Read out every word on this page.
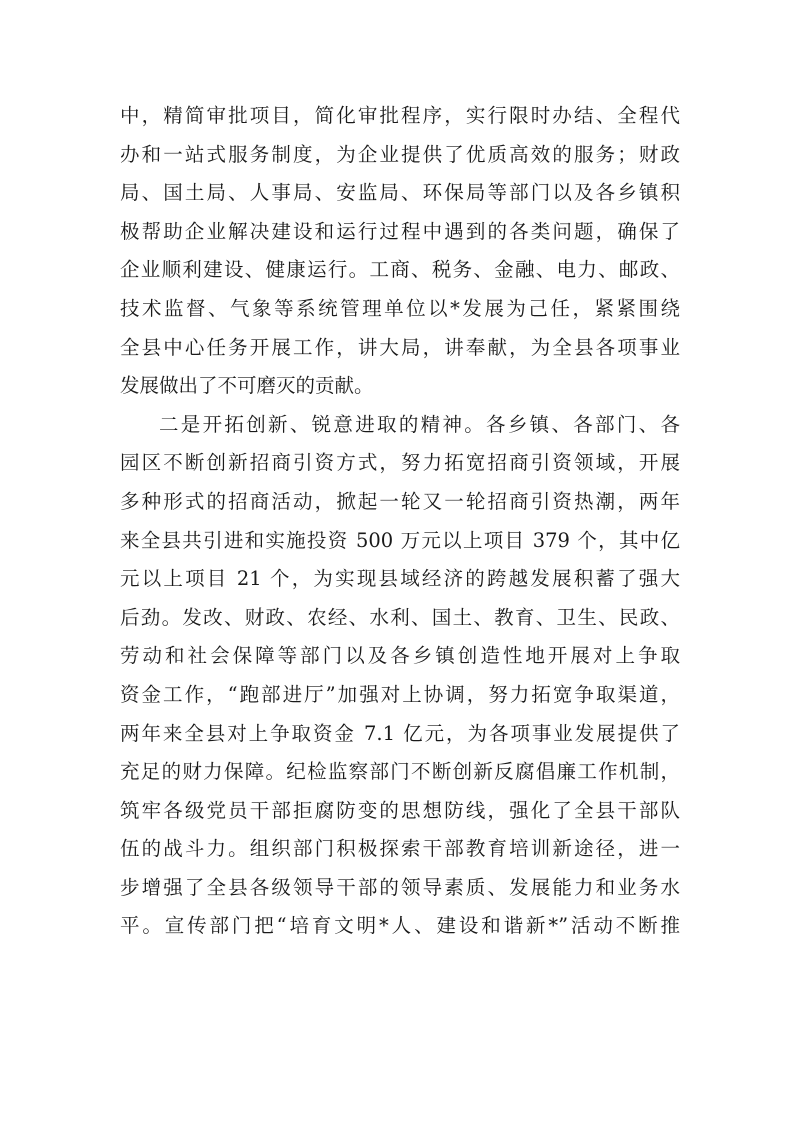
中，精简审批项目，简化审批程序，实行限时办结、全程代
办和一站式服务制度，为企业提供了优质高效的服务；财政
局、国土局、人事局、安监局、环保局等部门以及各乡镇积
极帮助企业解决建设和运行过程中遇到的各类问题，确保了
企业顺利建设、健康运行。工商、税务、金融、电力、邮政、
技术监督、气象等系统管理单位以*发展为己任，紧紧围绕
全县中心任务开展工作，讲大局，讲奉献，为全县各项事业
发展做出了不可磨灭的贡献。
二是开拓创新、锐意进取的精神。各乡镇、各部门、各
园区不断创新招商引资方式，努力拓宽招商引资领域，开展
多种形式的招商活动，掀起一轮又一轮招商引资热潮，两年
来全县共引进和实施投资 500 万元以上项目 379 个，其中亿
元以上项目 21 个，为实现县域经济的跨越发展积蓄了强大
后劲。发改、财政、农经、水利、国土、教育、卫生、民政、
劳动和社会保障等部门以及各乡镇创造性地开展对上争取
资金工作，“跑部进厅”加强对上协调，努力拓宽争取渠道，
两年来全县对上争取资金 7.1 亿元，为各项事业发展提供了
充足的财力保障。纪检监察部门不断创新反腐倡廉工作机制，
筑牢各级党员干部拒腐防变的思想防线，强化了全县干部队
伍的战斗力。组织部门积极探索干部教育培训新途径，进一
步增强了全县各级领导干部的领导素质、发展能力和业务水
平。宣传部门把“培育文明*人、建设和谐新*”活动不断推
